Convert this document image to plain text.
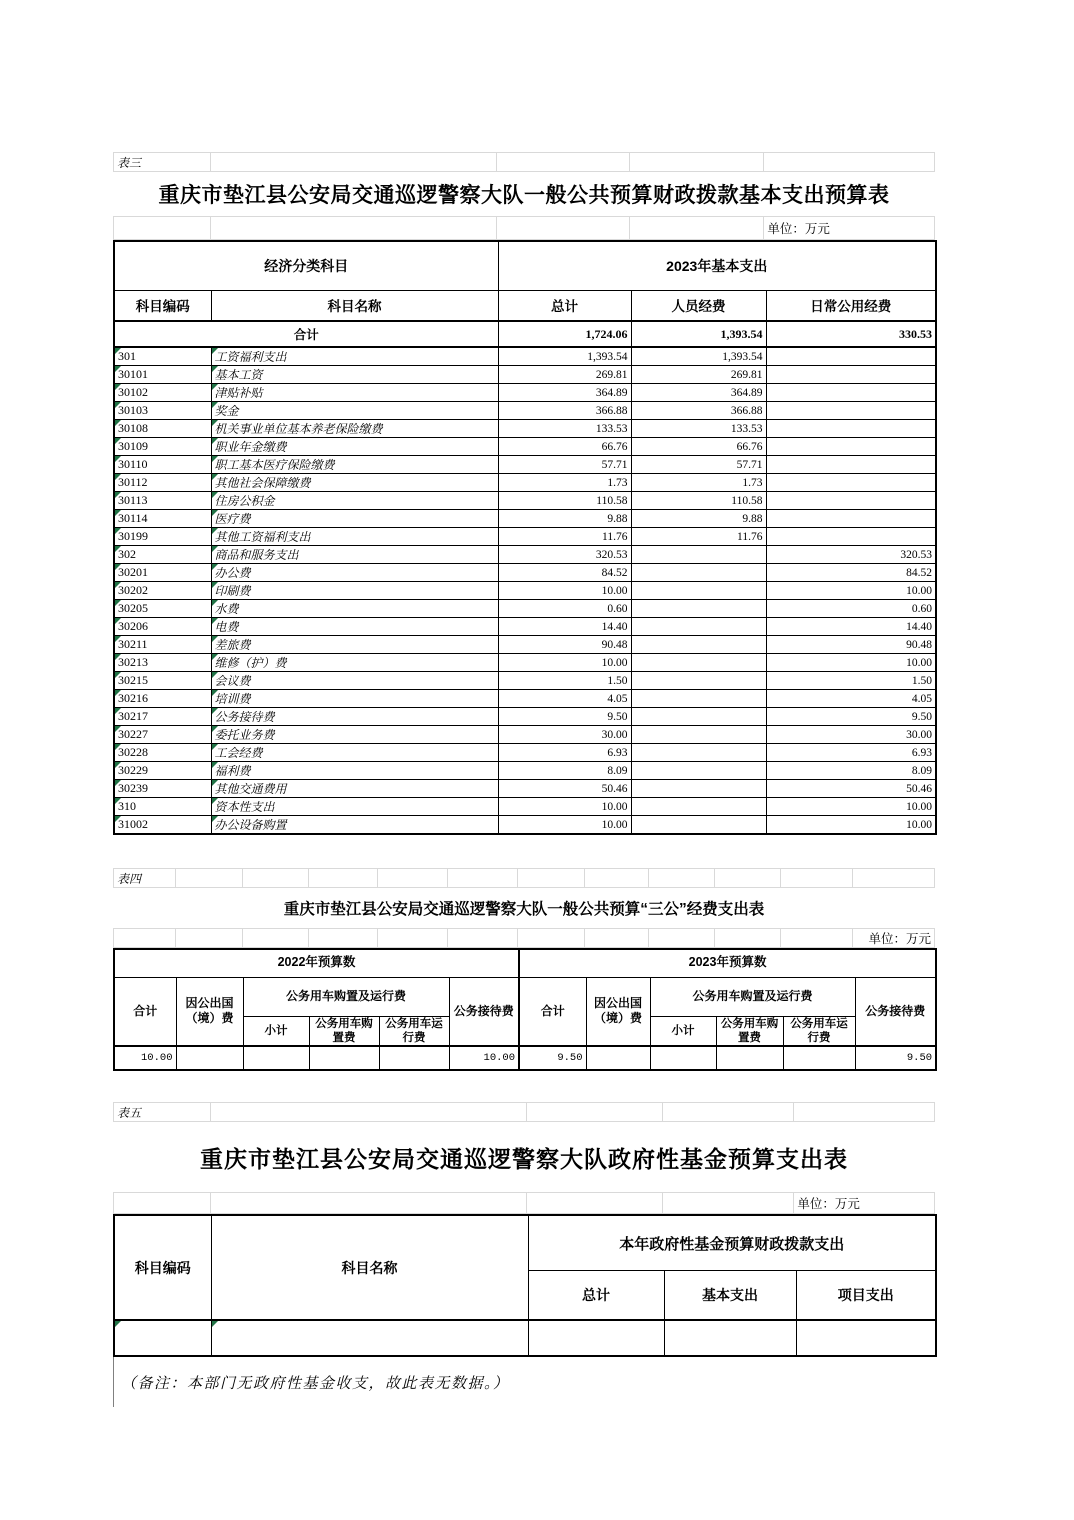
表三
重庆市垫江县公安局交通巡逻警察大队一般公共预算财政拨款基本支出预算表
单位：万元
经济分类科目		2023年基本支出		
科目编码	科目名称	总计	人员经费	日常公用经费
合计		1,724.06	1,393.54	330.53
301	工资福利支出	1,393.54	1,393.54	
30101	基本工资	269.81	269.81	
30102	津贴补贴	364.89	364.89	
30103	奖金	366.88	366.88	
30108	机关事业单位基本养老保险缴费	133.53	133.53	
30109	职业年金缴费	66.76	66.76	
30110	职工基本医疗保险缴费	57.71	57.71	
30112	其他社会保障缴费	1.73	1.73	
30113	住房公积金	110.58	110.58	
30114	医疗费	9.88	9.88	
30199	其他工资福利支出	11.76	11.76	
302	商品和服务支出	320.53		320.53
30201	办公费	84.52		84.52
30202	印刷费	10.00		10.00
30205	水费	0.60		0.60
30206	电费	14.40		14.40
30211	差旅费	90.48		90.48
30213	维修（护）费	10.00		10.00
30215	会议费	1.50		1.50
30216	培训费	4.05		4.05
30217	公务接待费	9.50		9.50
30227	委托业务费	30.00		30.00
30228	工会经费	6.93		6.93
30229	福利费	8.09		8.09
30239	其他交通费用	50.46		50.46
310	资本性支出	10.00		10.00
31002	办公设备购置	10.00		10.00
表四
重庆市垫江县公安局交通巡逻警察大队一般公共预算“三公”经费支出表
单位：万元
2022年预算数						2023年预算数					
合计	因公出国（境）费	公务用车购置及运行费			公务接待费	合计	因公出国（境）费	公务用车购置及运行费			公务接待费
		小计	公务用车购置费	公务用车运行费				小计	公务用车购置费	公务用车运行费	
10.00					10.00	9.50					9.50
表五
重庆市垫江县公安局交通巡逻警察大队政府性基金预算支出表
单位：万元
科目编码	科目名称	本年政府性基金预算财政拨款支出		
		总计	基本支出	项目支出

（备注：本部门无政府性基金收支，故此表无数据。）
